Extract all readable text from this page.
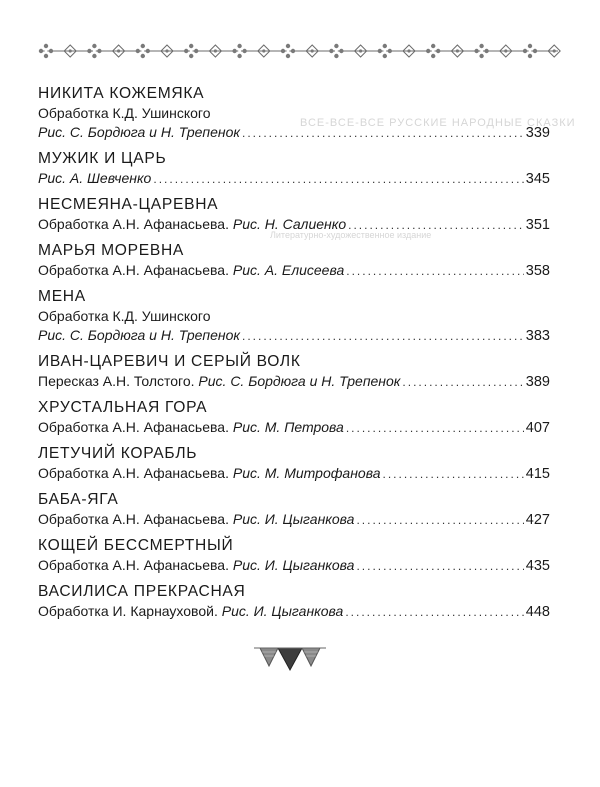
ВСЕ-ВСЕ-ВСЕ РУССКИЕ НАРОДНЫЕ СКАЗКИ
Литературно-художественное издание
НИКИТА КОЖЕМЯКА
Обработка К.Д. Ушинского
Рис. С. Бордюга и Н. Трепенок .....	339
МУЖИК И ЦАРЬ
Рис. А. Шевченко .....	345
НЕСМЕЯНА-ЦАРЕВНА
Обработка А.Н. Афанасьева. Рис. Н. Салиенко .....	351
МАРЬЯ МОРЕВНА
Обработка А.Н. Афанасьева. Рис. А. Елисеева .....	358
МЕНА
Обработка К.Д. Ушинского
Рис. С. Бордюга и Н. Трепенок .....	383
ИВАН-ЦАРЕВИЧ И СЕРЫЙ ВОЛК
Пересказ А.Н. Толстого. Рис. С. Бордюга и Н. Трепенок .....	389
ХРУСТАЛЬНАЯ ГОРА
Обработка А.Н. Афанасьева. Рис. М. Петрова .....	407
ЛЕТУЧИЙ КОРАБЛЬ
Обработка А.Н. Афанасьева. Рис. М. Митрофанова .....	415
БАБА-ЯГА
Обработка А.Н. Афанасьева. Рис. И. Цыганкова .....	427
КОЩЕЙ БЕССМЕРТНЫЙ
Обработка А.Н. Афанасьева. Рис. И. Цыганкова .....	435
ВАСИЛИСА ПРЕКРАСНАЯ
Обработка И. Карнауховой. Рис. И. Цыганкова .....	448
